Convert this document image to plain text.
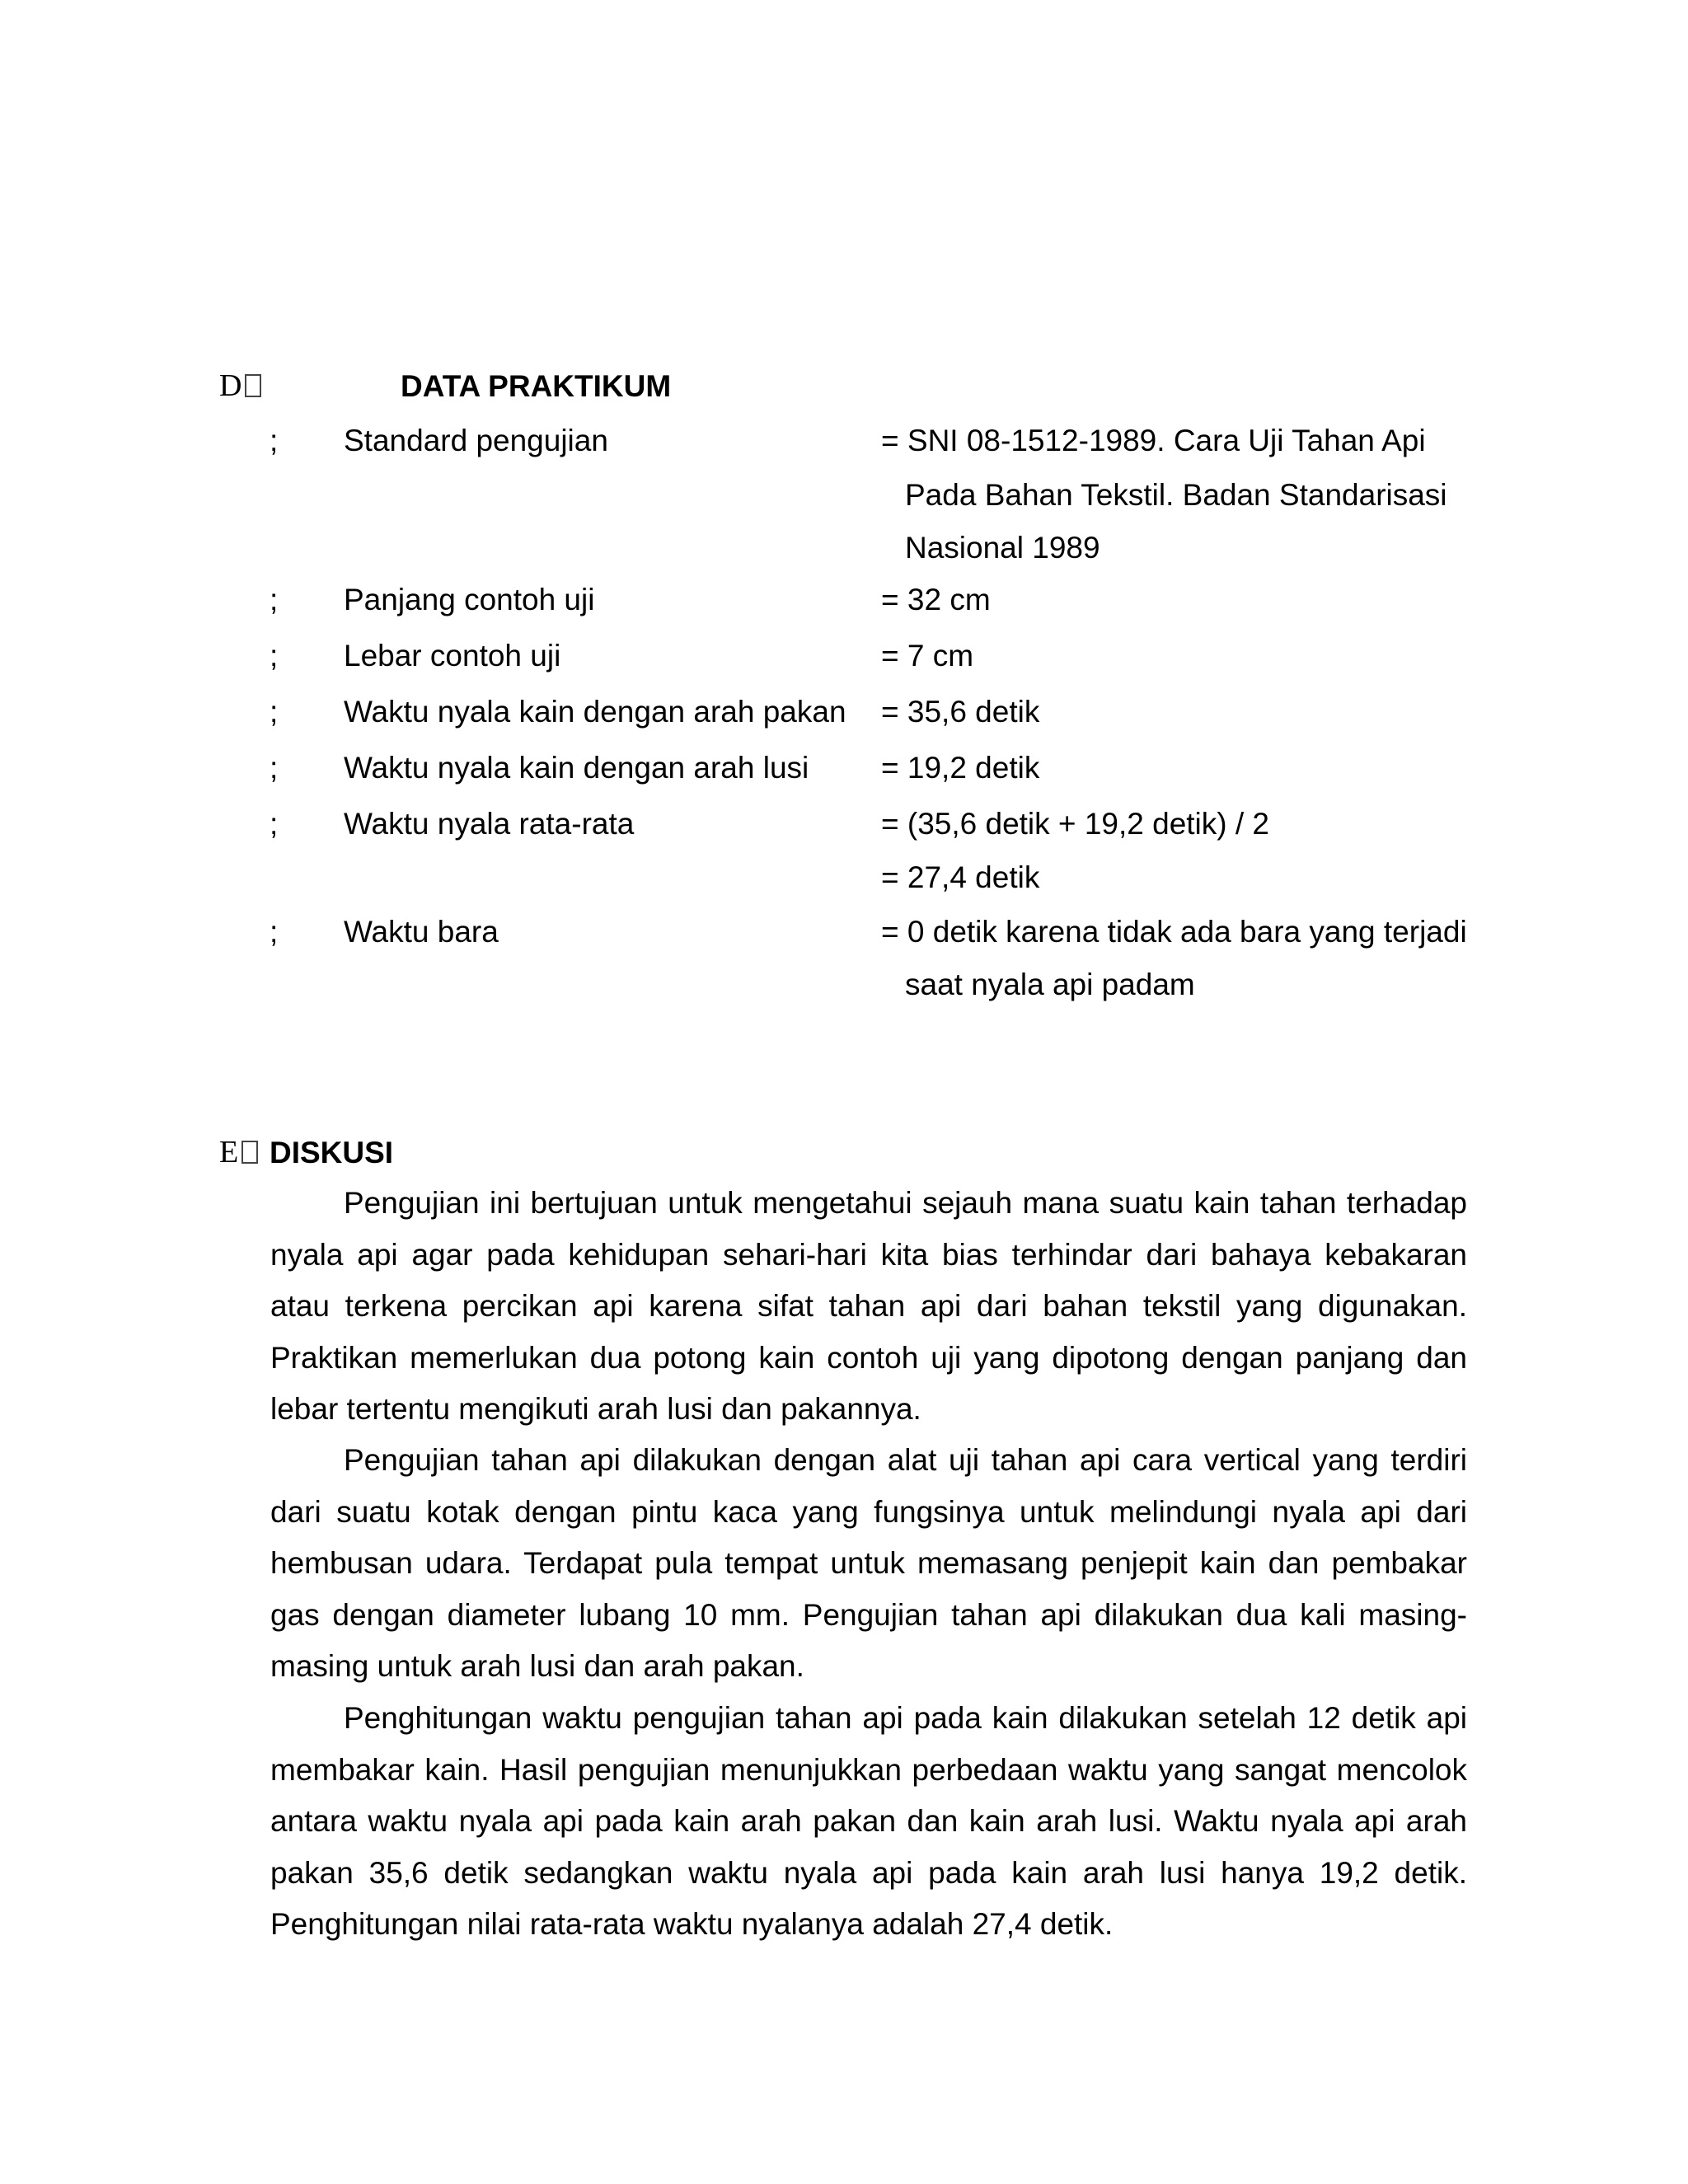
D	DATA PRAKTIKUM
; Standard pengujian	= SNI 08-1512-1989. Cara Uji Tahan Api
Pada Bahan Tekstil. Badan Standarisasi
Nasional 1989
; Panjang contoh uji	= 32 cm
; Lebar contoh uji	= 7 cm
; Waktu nyala kain dengan arah pakan = 35,6 detik
; Waktu nyala kain dengan arah lusi = 19,2 detik
; Waktu nyala rata-rata	= (35,6 detik + 19,2 detik) / 2
= 27,4 detik
; Waktu bara	= 0 detik karena tidak ada bara yang terjadi
saat nyala api padam
E	DISKUSI

Pengujian ini bertujuan untuk mengetahui sejauh mana suatu kain tahan terhadap nyala api agar pada kehidupan sehari-hari kita bias terhindar dari bahaya kebakaran atau terkena percikan api karena sifat tahan api dari bahan tekstil yang digunakan. Praktikan memerlukan dua potong kain contoh uji yang dipotong dengan panjang dan lebar tertentu mengikuti arah lusi dan pakannya.

Pengujian tahan api dilakukan dengan alat uji tahan api cara vertical yang terdiri dari suatu kotak dengan pintu kaca yang fungsinya untuk melindungi nyala api dari hembusan udara. Terdapat pula tempat untuk memasang penjepit kain dan pembakar gas dengan diameter lubang 10 mm. Pengujian tahan api dilakukan dua kali masing-masing untuk arah lusi dan arah pakan.

Penghitungan waktu pengujian tahan api pada kain dilakukan setelah 12 detik api membakar kain. Hasil pengujian menunjukkan perbedaan waktu yang sangat mencolok antara waktu nyala api pada kain arah pakan dan kain arah lusi. Waktu nyala api arah pakan 35,6 detik sedangkan waktu nyala api pada kain arah lusi hanya 19,2 detik. Penghitungan nilai rata-rata waktu nyalanya adalah 27,4 detik.
